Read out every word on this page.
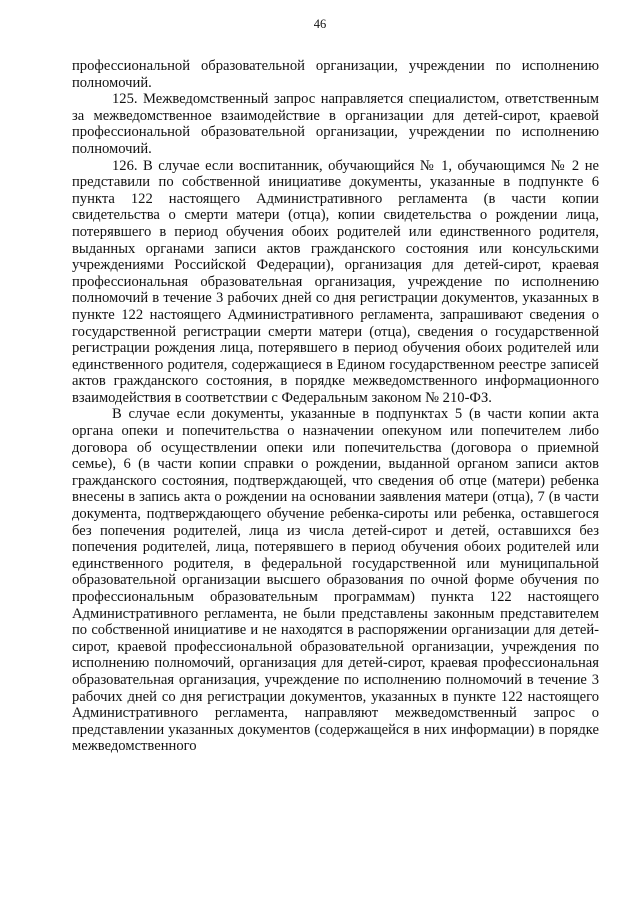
46

профессиональной образовательной организации, учреждении по исполнению полномочий.

125. Межведомственный запрос направляется специалистом, ответственным за межведомственное взаимодействие в организации для детей-сирот, краевой профессиональной образовательной организации, учреждении по исполнению полномочий.

126. В случае если воспитанник, обучающийся № 1, обучающимся № 2 не представили по собственной инициативе документы, указанные в подпункте 6 пункта 122 настоящего Административного регламента (в части копии свидетельства о смерти матери (отца), копии свидетельства о рождении лица, потерявшего в период обучения обоих родителей или единственного родителя, выданных органами записи актов гражданского состояния или консульскими учреждениями Российской Федерации), организация для детей-сирот, краевая профессиональная образовательная организация, учреждение по исполнению полномочий в течение 3 рабочих дней со дня регистрации документов, указанных в пункте 122 настоящего Административного регламента, запрашивают сведения о государственной регистрации смерти матери (отца), сведения о государственной регистрации рождения лица, потерявшего в период обучения обоих родителей или единственного родителя, содержащиеся в Едином государственном реестре записей актов гражданского состояния, в порядке межведомственного информационного взаимодействия в соответствии с Федеральным законом № 210-ФЗ.

В случае если документы, указанные в подпунктах 5 (в части копии акта органа опеки и попечительства о назначении опекуном или попечителем либо договора об осуществлении опеки или попечительства (договора о приемной семье), 6 (в части копии справки о рождении, выданной органом записи актов гражданского состояния, подтверждающей, что сведения об отце (матери) ребенка внесены в запись акта о рождении на основании заявления матери (отца), 7 (в части документа, подтверждающего обучение ребенка-сироты или ребенка, оставшегося без попечения родителей, лица из числа детей-сирот и детей, оставшихся без попечения родителей, лица, потерявшего в период обучения обоих родителей или единственного родителя, в федеральной государственной или муниципальной образовательной организации высшего образования по очной форме обучения по профессиональным образовательным программам) пункта 122 настоящего Административного регламента, не были представлены законным представителем по собственной инициативе и не находятся в распоряжении организации для детей-сирот, краевой профессиональной образовательной организации, учреждения по исполнению полномочий, организация для детей-сирот, краевая профессиональная образовательная организация, учреждение по исполнению полномочий в течение 3 рабочих дней со дня регистрации документов, указанных в пункте 122 настоящего Административного регламента, направляют межведомственный запрос о представлении указанных документов (содержащейся в них информации) в порядке межведомственного
